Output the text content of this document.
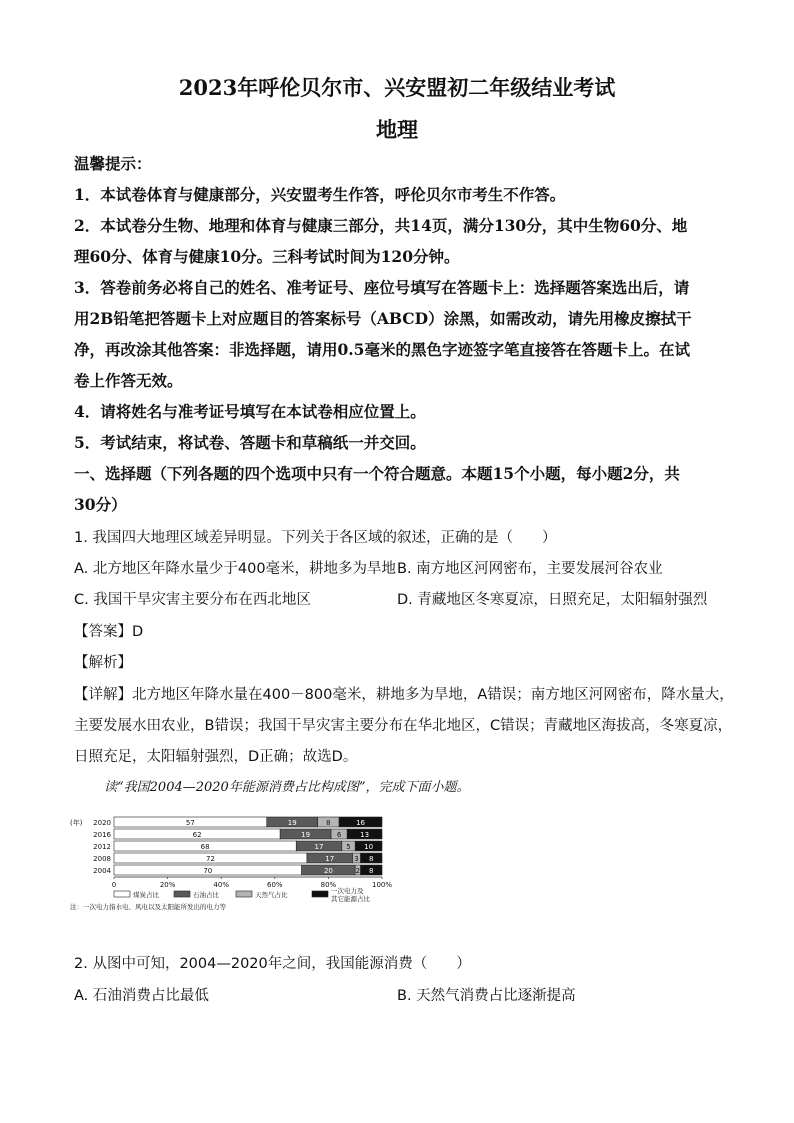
2023年呼伦贝尔市、兴安盟初二年级结业考试
地理
温馨提示：
1．本试卷体育与健康部分，兴安盟考生作答，呼伦贝尔市考生不作答。
2．本试卷分生物、地理和体育与健康三部分，共14页，满分130分，其中生物60分、地
理60分、体育与健康10分。三科考试时间为120分钟。
3．答卷前务必将自己的姓名、准考证号、座位号填写在答题卡上：选择题答案选出后，请
用2B铅笔把答题卡上对应题目的答案标号（ABCD）涂黑，如需改动，请先用橡皮擦拭干
净，再改涂其他答案：非选择题，请用0.5毫米的黑色字迹签字笔直接答在答题卡上。在试
卷上作答无效。
4．请将姓名与准考证号填写在本试卷相应位置上。
5．考试结束，将试卷、答题卡和草稿纸一并交回。
一、选择题（下列各题的四个选项中只有一个符合题意。本题15个小题，每小题2分，共
30分）
1. 我国四大地理区域差异明显。下列关于各区域的叙述，正确的是（　　）
A. 北方地区年降水量少于400毫米，耕地多为旱地 B. 南方地区河网密布，主要发展河谷农业
C. 我国干旱灾害主要分布在西北地区	D. 青藏地区冬寒夏凉，日照充足，太阳辐射强烈
【答案】D
【解析】
【详解】北方地区年降水量在400－800毫米，耕地多为旱地，A错误；南方地区河网密布，降水量大，
主要发展水田农业，B错误；我国干旱灾害主要分布在华北地区，C错误；青藏地区海拔高，冬寒夏凉，
日照充足，太阳辐射强烈，D正确；故选D。
读“我国2004—2020年能源消费占比构成图”，完成下面小题。
(年) 2020	57	19	8	16
2016	62	19	6	13
2012	68	17	5 10
2008	72	17	3 8
2004	70	20	2 8
0	20%	40%	60%	80%	100%
煤炭占比	石油占比	天然气占比	一次电力及
其它能源占比
注：一次电力指水电、风电以及太阳能所发出的电力等
2. 从图中可知，2004—2020年之间，我国能源消费（　　）
A. 石油消费占比最低	B. 天然气消费占比逐渐提高
